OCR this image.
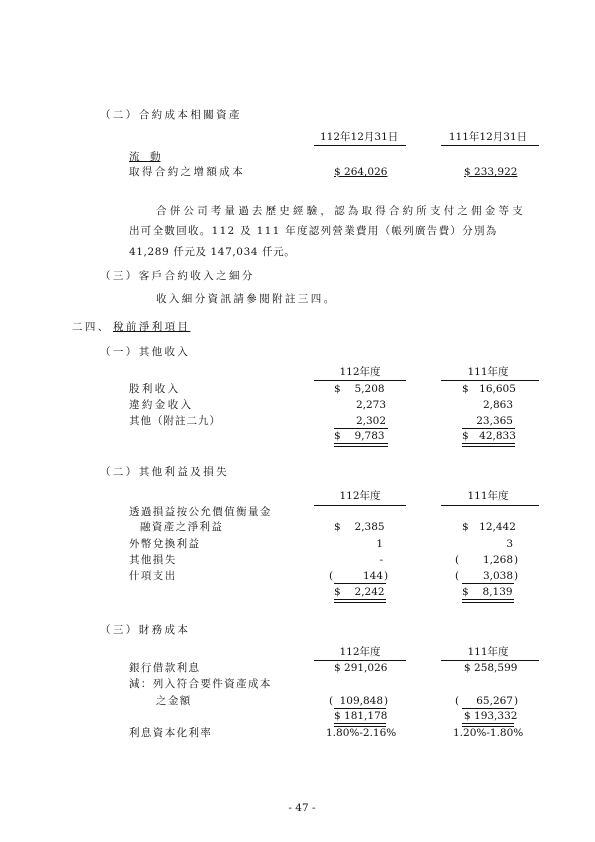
（二）合約成本相關資產
112年12月31日	111年12月31日
流　動
取得合約之增額成本	$ 264,026	$ 233,922
合併公司考量過去歷史經驗，認為取得合約所支付之佣金等支
出可全數回收。112 及 111 年度認列營業費用（帳列廣告費）分別為
41,289 仟元及 147,034 仟元。
（三）客戶合約收入之細分
收入細分資訊請參閱附註三四。
二四、 稅前淨利項目
（一）其他收入
112年度	111年度
股利收入	$　 5,208	$　16,605
違約金收入	2,273	2,863
其他（附註二九）	2,302	23,365
$　 9,783	$　42,833
（二）其他利益及損失
112年度	111年度
透過損益按公允價值衡量金
融資產之淨利益	$　 2,385	$　12,442
外幣兌換利益	1	3
其他損失	-	(	1,268 )
什項支出	(	144 )	(	3,038 )
$　 2,242	$　 8,139
（三）財務成本
112年度	111年度
銀行借款利息	$ 291,026	$ 258,599
減：列入符合要件資產成本
之金額	( 109,848 )	(	65,267 )
$ 181,178	$ 193,332
利息資本化利率	1.80%-2.16%	1.20%-1.80%
- 47 -
